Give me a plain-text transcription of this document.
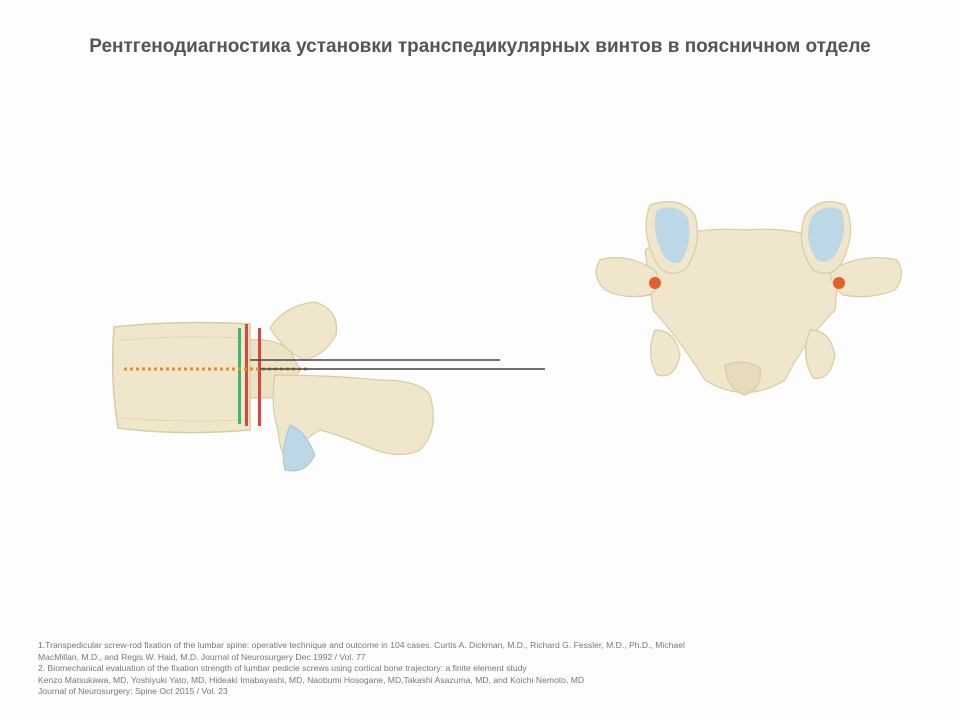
Рентгенодиагностика установки транспедикулярных винтов в поясничном отделе
1.Transpedicular screw-rod fixation of the lumbar spine: operative technique and outcome in 104 cases. Curtis A. Dickman, M.D., Richard G. Fessler, M.D., Ph.D., Michael
MacMillan, M.D., and Regis W. Haid, M.D. Journal of Neurosurgery Dec 1992 / Vol. 77
2. Biomechanical evaluation of the fixation strength of lumbar pedicle screws using cortical bone trajectory: a finite element study
Kenzo Matsukawa, MD, Yoshiyuki Yato, MD, Hideaki Imabayashi, MD, Naobumi Hosogane, MD,Takashi Asazuma, MD, and Koichi Nemoto, MD
Journal of Neurosurgery: Spine Oct 2015 / Vol. 23
